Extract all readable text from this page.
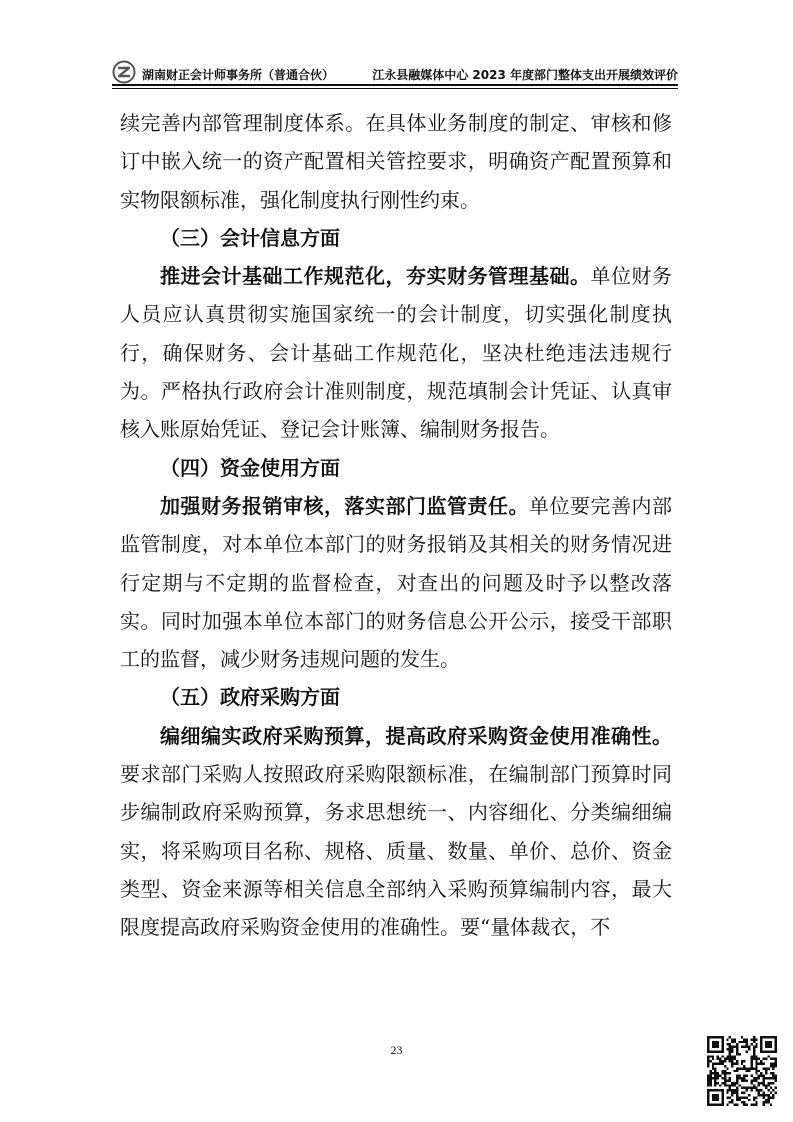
湖南财正会计师事务所（普通合伙）	江永县融媒体中心 2023 年度部门整体支出开展绩效评价

续完善内部管理制度体系。在具体业务制度的制定、审核和修订中嵌入统一的资产配置相关管控要求，明确资产配置预算和实物限额标准，强化制度执行刚性约束。

（三）会计信息方面

推进会计基础工作规范化，夯实财务管理基础。单位财务人员应认真贯彻实施国家统一的会计制度，切实强化制度执行，确保财务、会计基础工作规范化，坚决杜绝违法违规行为。严格执行政府会计准则制度，规范填制会计凭证、认真审核入账原始凭证、登记会计账簿、编制财务报告。

（四）资金使用方面

加强财务报销审核，落实部门监管责任。单位要完善内部监管制度，对本单位本部门的财务报销及其相关的财务情况进行定期与不定期的监督检查，对查出的问题及时予以整改落实。同时加强本单位本部门的财务信息公开公示，接受干部职工的监督，减少财务违规问题的发生。

（五）政府采购方面

编细编实政府采购预算，提高政府采购资金使用准确性。要求部门采购人按照政府采购限额标准，在编制部门预算时同步编制政府采购预算，务求思想统一、内容细化、分类编细编实，将采购项目名称、规格、质量、数量、单价、总价、资金类型、资金来源等相关信息全部纳入采购预算编制内容，最大限度提高政府采购资金使用的准确性。要“量体裁衣，不

23
